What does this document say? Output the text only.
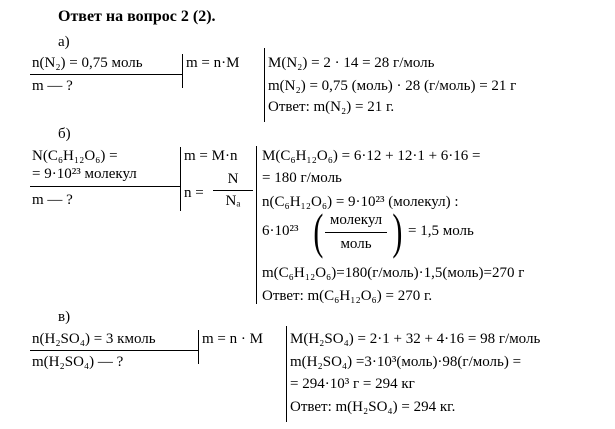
Ответ на вопрос 2 (2).
а)
n(N₂) = 0,75 моль
m — ?
m = n·M M(N₂) = 2 · 14 = 28 г/моль
m(N₂) = 0,75 (моль) · 28 (г/моль) = 21 г
Ответ: m(N₂) = 21 г.
б)
N(C₆H₁₂O₆) =
= 9·10²³ молекул
m — ?
m = M·n
n =
N
Nₐ
M(C₆H₁₂O₆) = 6·12 + 12·1 + 6·16 =
= 180 г/моль
n(C₆H₁₂O₆) = 9·10²³ (молекул) :
6·10²³ ( молекул
моль ) = 1,5 моль
m(C₆H₁₂O₆)=180(г/моль)·1,5(моль)=270 г
Ответ: m(C₆H₁₂O₆) = 270 г.
в)
n(H₂SO₄) = 3 кмоль
m(H₂SO₄) — ?
m = n · M M(H₂SO₄) = 2·1 + 32 + 4·16 = 98 г/моль
m(H₂SO₄) =3·10³(моль)·98(г/моль) =
= 294·10³ г = 294 кг
Ответ: m(H₂SO₄) = 294 кг.
